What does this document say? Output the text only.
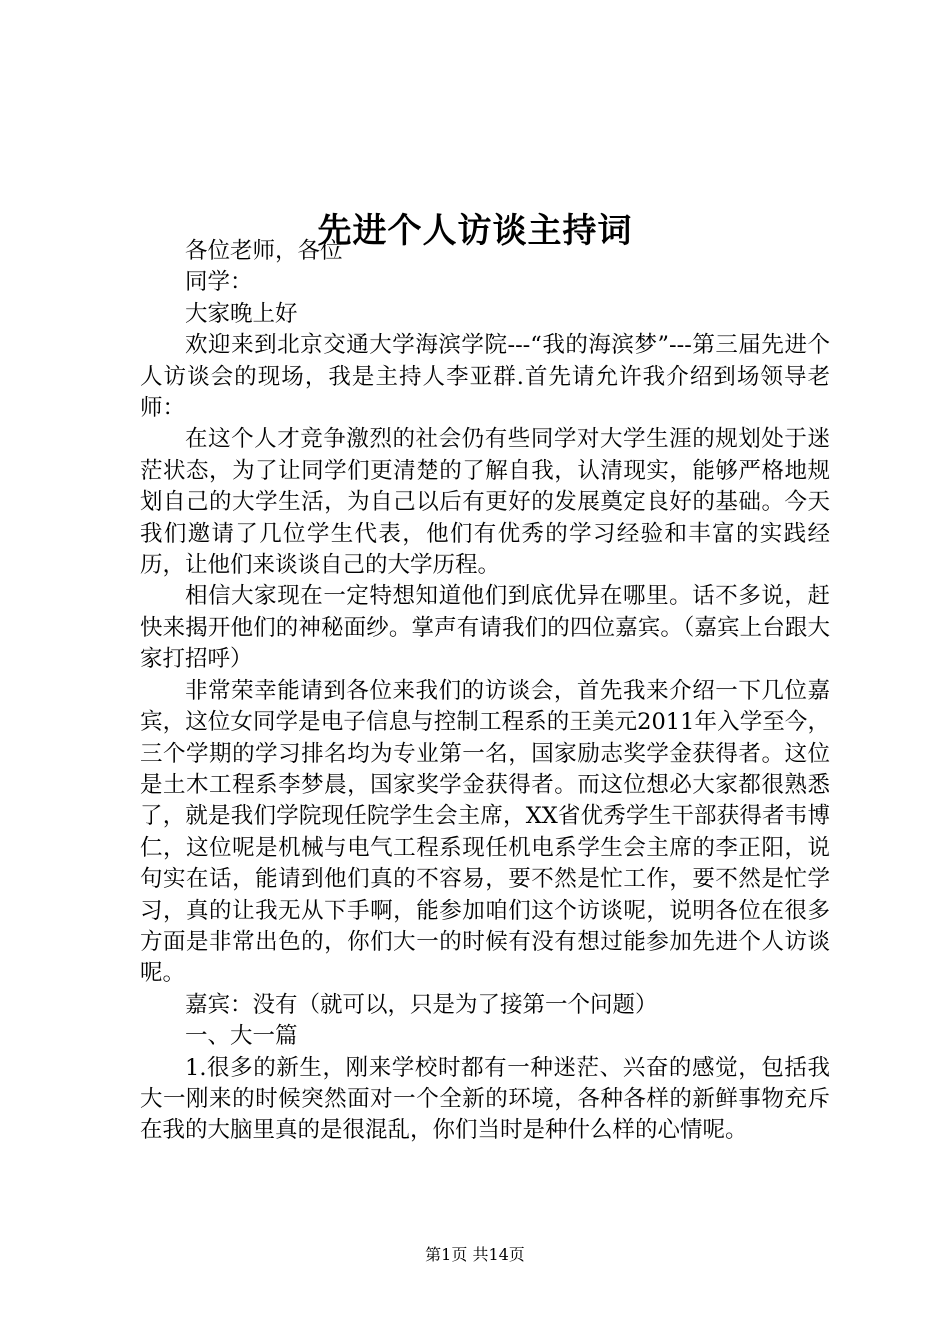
先进个人访谈主持词

各位老师，各位

同学：

大家晚上好

欢迎来到北京交通大学海滨学院---“我的海滨梦”---第三届先进个人访谈会的现场，我是主持人李亚群.首先请允许我介绍到场领导老师：

在这个人才竞争激烈的社会仍有些同学对大学生涯的规划处于迷茫状态，为了让同学们更清楚的了解自我，认清现实，能够严格地规划自己的大学生活，为自己以后有更好的发展奠定良好的基础。今天我们邀请了几位学生代表，他们有优秀的学习经验和丰富的实践经历，让他们来谈谈自己的大学历程。

相信大家现在一定特想知道他们到底优异在哪里。话不多说，赶快来揭开他们的神秘面纱。掌声有请我们的四位嘉宾。（嘉宾上台跟大家打招呼）

非常荣幸能请到各位来我们的访谈会，首先我来介绍一下几位嘉宾，这位女同学是电子信息与控制工程系的王美元2011年入学至今，三个学期的学习排名均为专业第一名，国家励志奖学金获得者。这位是土木工程系李梦晨，国家奖学金获得者。而这位想必大家都很熟悉了，就是我们学院现任院学生会主席，XX省优秀学生干部获得者韦博仁，这位呢是机械与电气工程系现任机电系学生会主席的李正阳，说句实在话，能请到他们真的不容易，要不然是忙工作，要不然是忙学习，真的让我无从下手啊，能参加咱们这个访谈呢，说明各位在很多方面是非常出色的，你们大一的时候有没有想过能参加先进个人访谈呢。

嘉宾：没有（就可以，只是为了接第一个问题）

一、大一篇

1.很多的新生，刚来学校时都有一种迷茫、兴奋的感觉，包括我大一刚来的时候突然面对一个全新的环境，各种各样的新鲜事物充斥在我的大脑里真的是很混乱，你们当时是种什么样的心情呢。

第1页 共14页
